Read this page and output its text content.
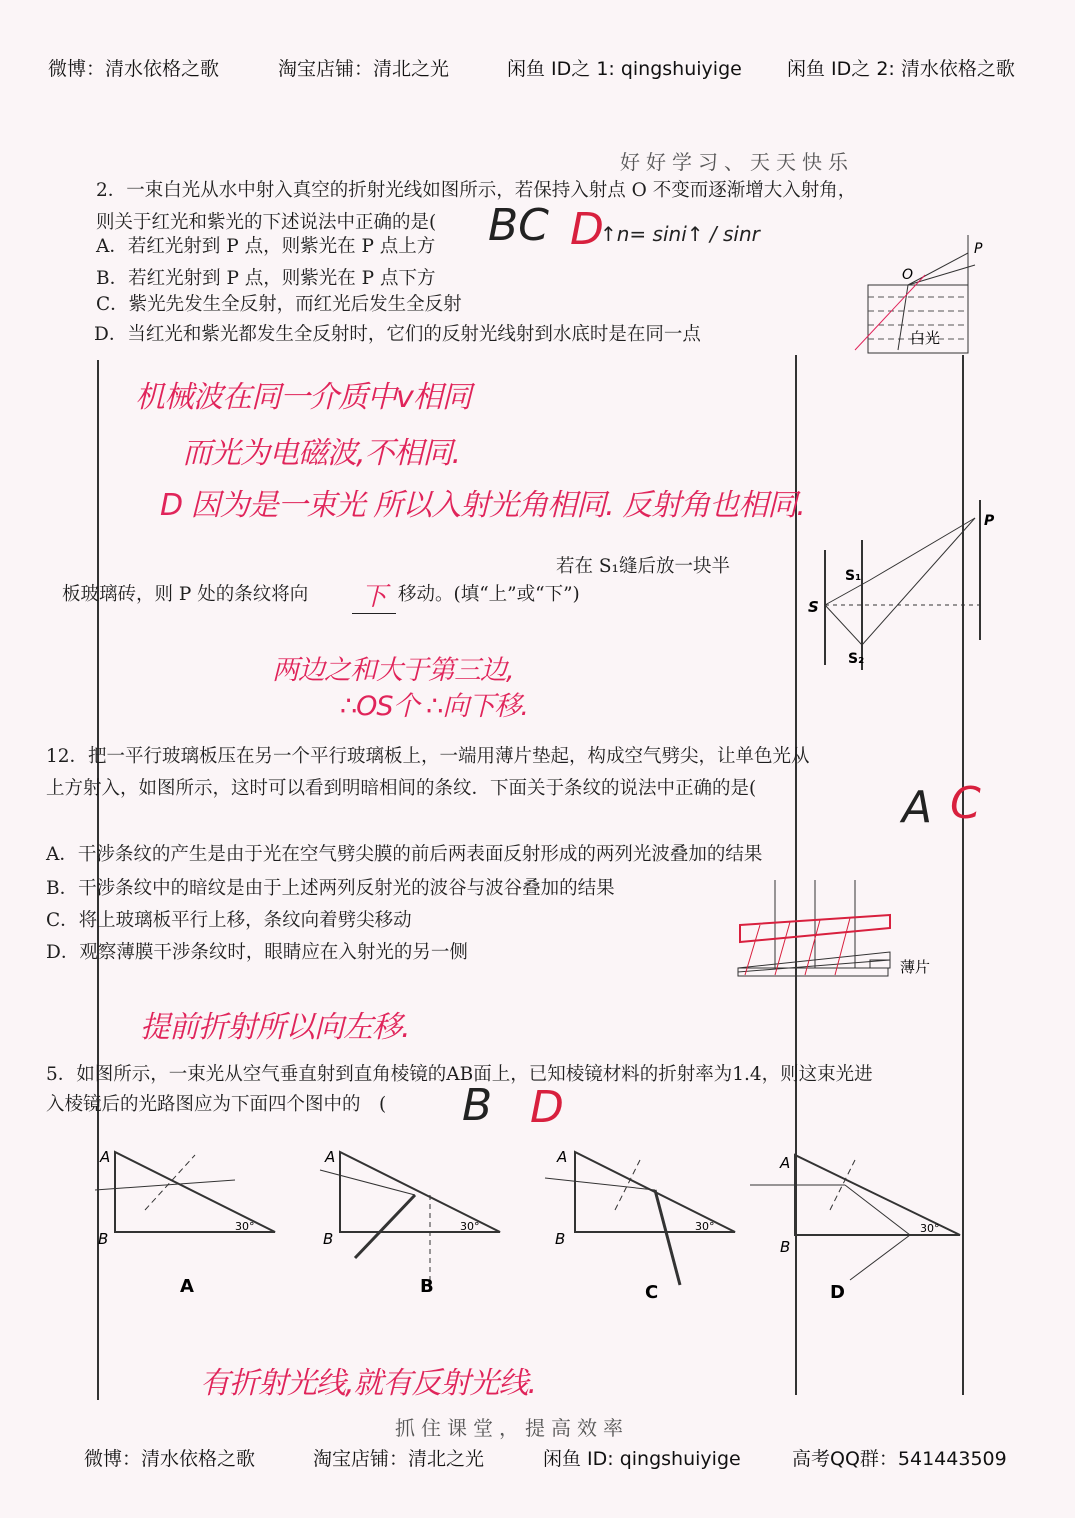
微博：清水依格之歌	淘宝店铺：清北之光	闲鱼 ID之 1: qingshuiyige 闲鱼 ID之 2: 清水依格之歌
好好学习、天天快乐
2．一束白光从水中射入真空的折射光线如图所示，若保持入射点 O 不变而逐渐增大入射角，
则关于红光和紫光的下述说法中正确的是(
A．若红光射到 P 点，则紫光在 P 点上方
B．若红光射到 P 点，则紫光在 P 点下方
C．紫光先发生全反射，而红光后发生全反射
D．当红光和紫光都发生全反射时，它们的反射光线射到水底时是在同一点
BC D
↑n= sini↑ / sinr
O
P
白光
机械波在同一介质中v相同
而光为电磁波,不相同.
D 因为是一束光 所以入射光角相同. 反射角也相同.
若在 S₁缝后放一块半
板玻璃砖，则 P 处的条纹将向	下 移动。(填“上”或“下”)
S
S₁
S₂
P
两边之和大于第三边,
∴OS个 ∴向下移.
12．把一平行玻璃板压在另一个平行玻璃板上，一端用薄片垫起，构成空气劈尖，让单色光从
上方射入，如图所示，这时可以看到明暗相间的条纹．下面关于条纹的说法中正确的是(	A C
A．干涉条纹的产生是由于光在空气劈尖膜的前后两表面反射形成的两列光波叠加的结果
B．干涉条纹中的暗纹是由于上述两列反射光的波谷与波谷叠加的结果
C．将上玻璃板平行上移，条纹向着劈尖移动
D．观察薄膜干涉条纹时，眼睛应在入射光的另一侧
薄片
提前折射所以向左移.
5．如图所示，一束光从空气垂直射到直角棱镜的AB面上，已知棱镜材料的折射率为1.4，则这束光进
入棱镜后的光路图应为下面四个图中的　( B D
A
B
30°
A
A
B
30°
B
A
B
30°
C
A
B
30°
D
有折射光线,就有反射光线.
抓住课堂，提高效率
微博：清水依格之歌	淘宝店铺：清北之光	闲鱼 ID: qingshuiyige	高考QQ群：541443509
